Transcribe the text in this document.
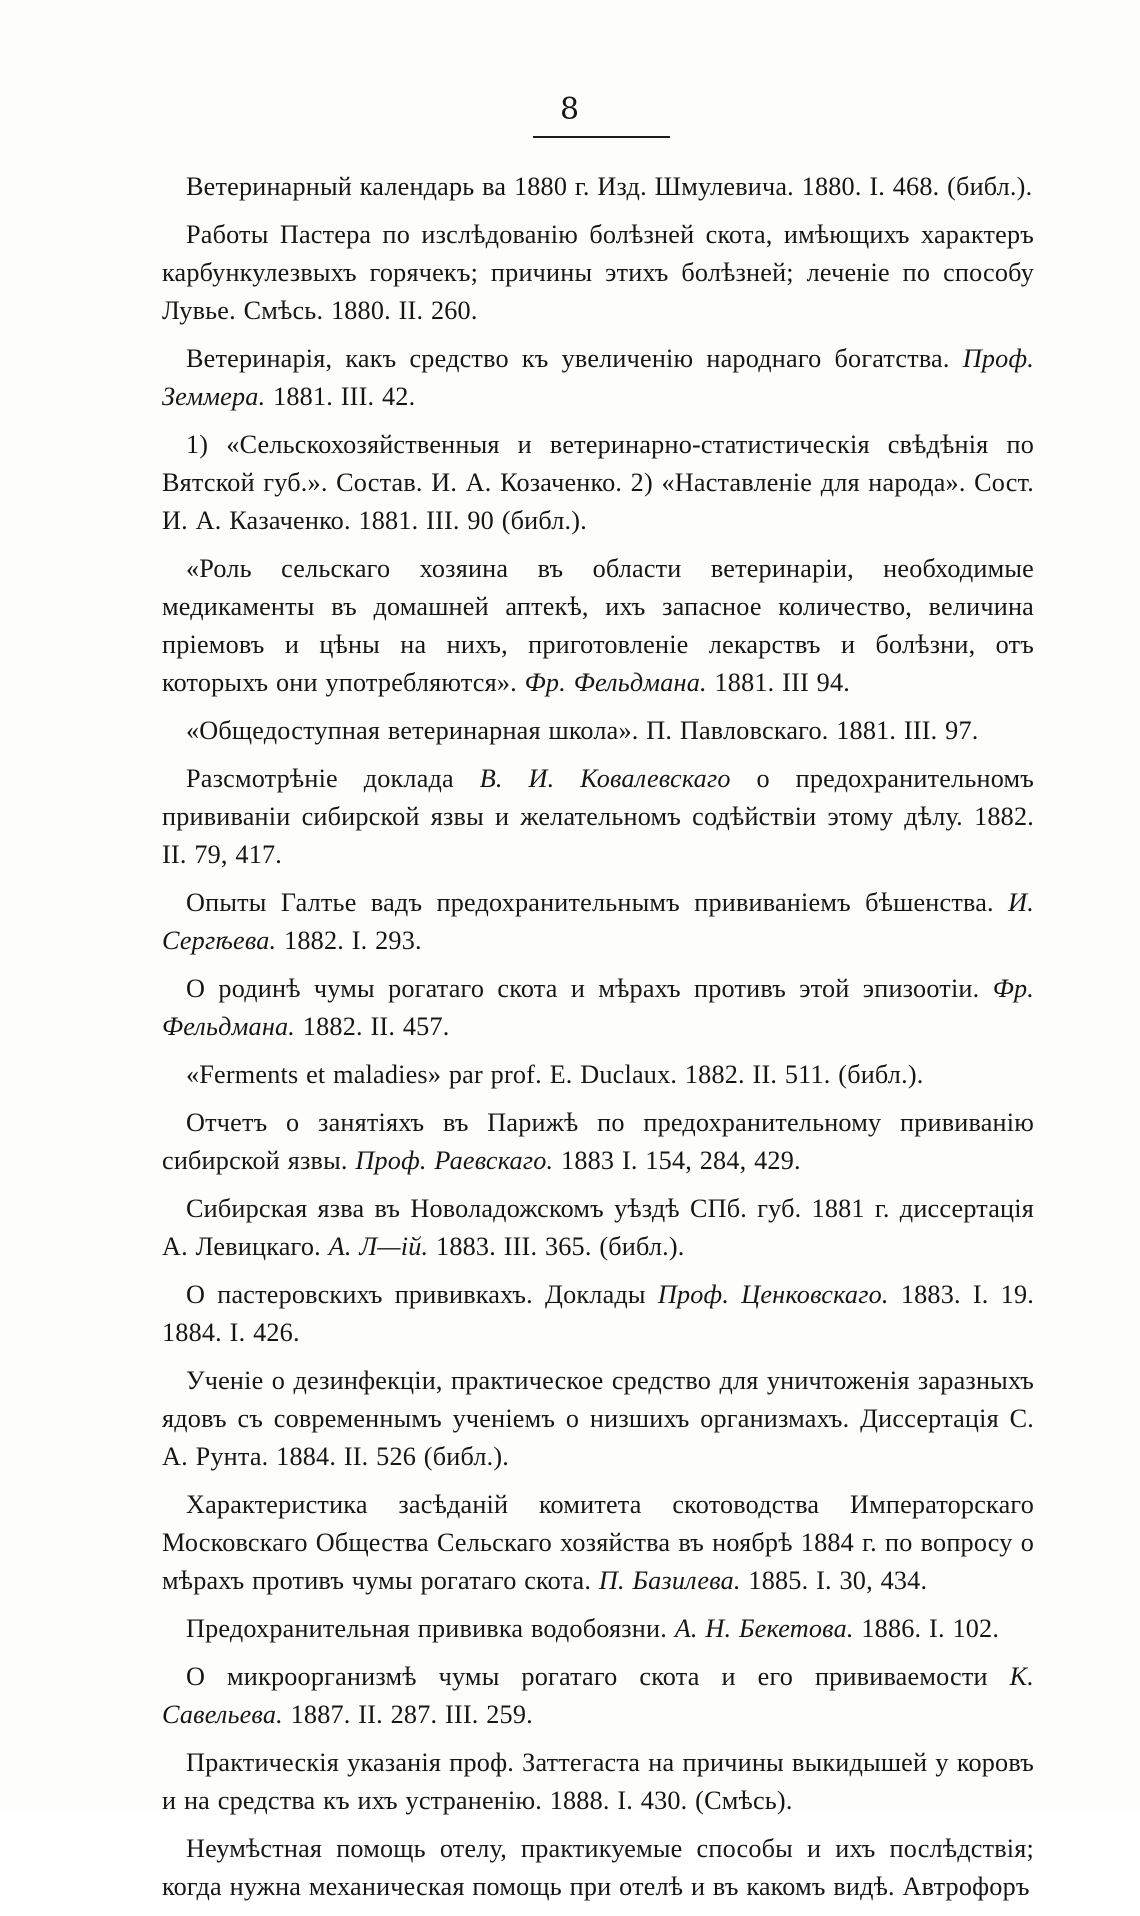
8

Ветеринарный календарь ва 1880 г. Изд. Шмулевича. 1880. I. 468. (библ.).

Работы Пастера по изслѣдованію болѣзней скота, имѣющихъ характеръ карбункулезвыхъ горячекъ; причины этихъ болѣзней; леченіе по способу Лувье. Смѣсь. 1880. II. 260.

Ветеринарія, какъ средство къ увеличенію народнаго богатства. Проф. Земмера. 1881. III. 42.

1) «Сельскохозяйственныя и ветеринарно-статистическія свѣдѣнія по Вятской губ.». Состав. И. А. Козаченко. 2) «Наставленіе для народа». Сост. И. А. Казаченко. 1881. III. 90 (библ.).

«Роль сельскаго хозяина въ области ветеринаріи, необходимые медикаменты въ домашней аптекѣ, ихъ запасное количество, величина пріемовъ и цѣны на нихъ, приготовленіе лекарствъ и болѣзни, отъ которыхъ они употребляются». Фр. Фельдмана. 1881. III 94.

«Общедоступная ветеринарная школа». П. Павловскаго. 1881. III. 97.

Разсмотрѣніе доклада В. И. Ковалевскаго о предохранительномъ прививаніи сибирской язвы и желательномъ содѣйствіи этому дѣлу. 1882. II. 79, 417.

Опыты Галтье вадъ предохранительнымъ прививаніемъ бѣшенства. И. Сергѣева. 1882. I. 293.

О родинѣ чумы рогатаго скота и мѣрахъ противъ этой эпизоотіи. Фр. Фельдмана. 1882. II. 457.

«Ferments et maladies» par prof. E. Duclaux. 1882. II. 511. (библ.).

Отчетъ о занятіяхъ въ Парижѣ по предохранительному прививанію сибирской язвы. Проф. Раевскаго. 1883 I. 154, 284, 429.

Сибирская язва въ Новоладожскомъ уѣздѣ СПб. губ. 1881 г. диссертація А. Левицкаго. А. Л—ій. 1883. III. 365. (библ.).

О пастеровскихъ прививкахъ. Доклады Проф. Ценковскаго. 1883. I. 19. 1884. I. 426.

Ученіе о дезинфекціи, практическое средство для уничтоженія заразныхъ ядовъ съ современнымъ ученіемъ о низшихъ организмахъ. Диссертація С. А. Рунта. 1884. II. 526 (библ.).

Характеристика засѣданій комитета скотоводства Императорскаго Московскаго Общества Сельскаго хозяйства въ ноябрѣ 1884 г. по вопросу о мѣрахъ противъ чумы рогатаго скота. П. Базилева. 1885. I. 30, 434.

Предохранительная прививка водобоязни. А. Н. Бекетова. 1886. I. 102.

О микроорганизмѣ чумы рогатаго скота и его прививаемости К. Савельева. 1887. II. 287. III. 259.

Практическія указанія проф. Заттегаста на причины выкидышей у коровъ и на средства къ ихъ устраненію. 1888. I. 430. (Смѣсь).

Неумѣстная помощь отелу, практикуемые способы и ихъ послѣдствія; когда нужна механическая помощь при отелѣ и въ какомъ видѣ. Автрофоръ
